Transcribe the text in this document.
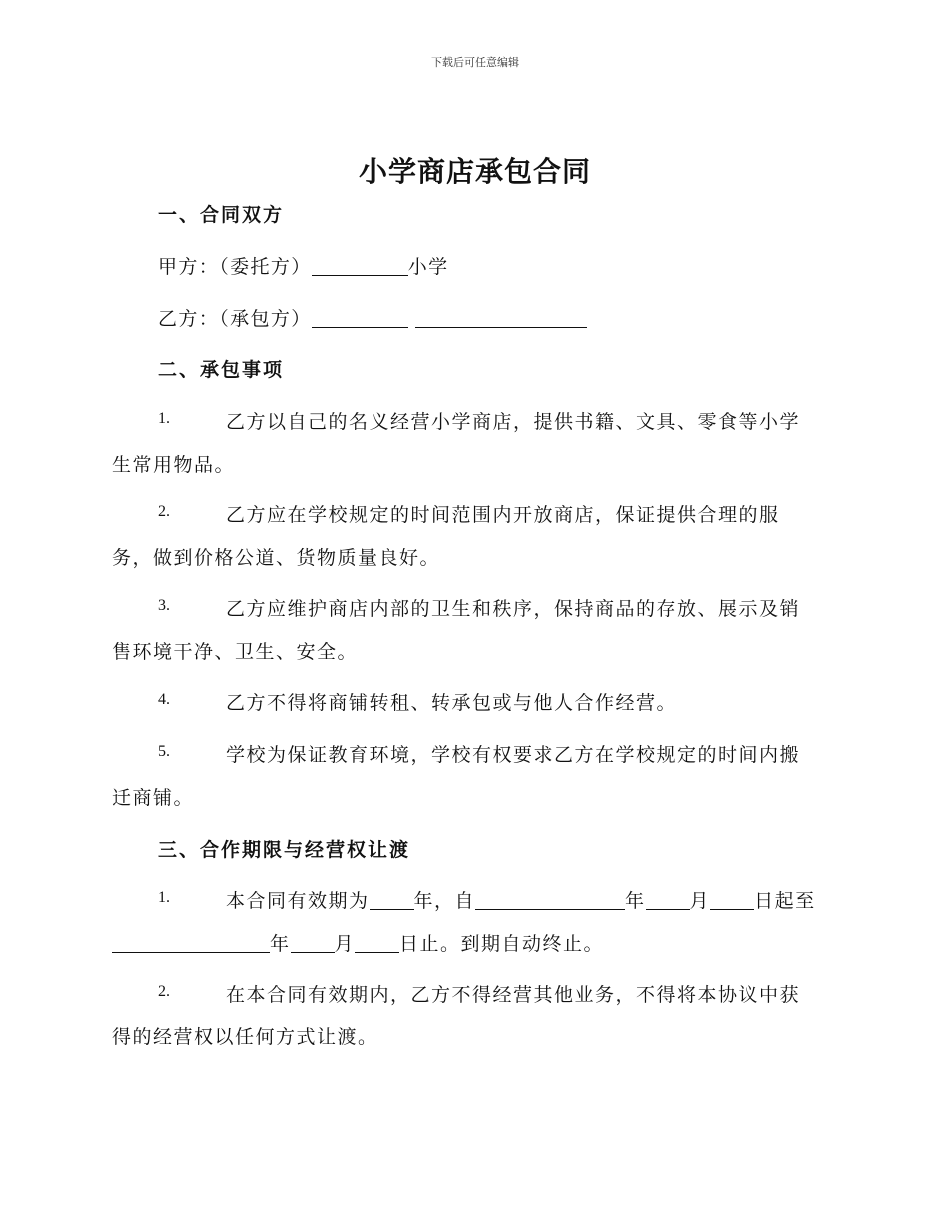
下载后可任意编辑
小学商店承包合同
一、合同双方
甲方：（委托方）	小学
乙方：（承包方）
二、承包事项
1.	乙方以自己的名义经营小学商店，提供书籍、文具、零食等小学
生常用物品。
2.	乙方应在学校规定的时间范围内开放商店，保证提供合理的服
务，做到价格公道、货物质量良好。
3.	乙方应维护商店内部的卫生和秩序，保持商品的存放、展示及销
售环境干净、卫生、安全。
4.	乙方不得将商铺转租、转承包或与他人合作经营。
5.	学校为保证教育环境，学校有权要求乙方在学校规定的时间内搬
迁商铺。
三、合作期限与经营权让渡
1.	本合同有效期为 年，自	年 月 日起至
年 月 日止。到期自动终止。
2.	在本合同有效期内，乙方不得经营其他业务，不得将本协议中获
得的经营权以任何方式让渡。
